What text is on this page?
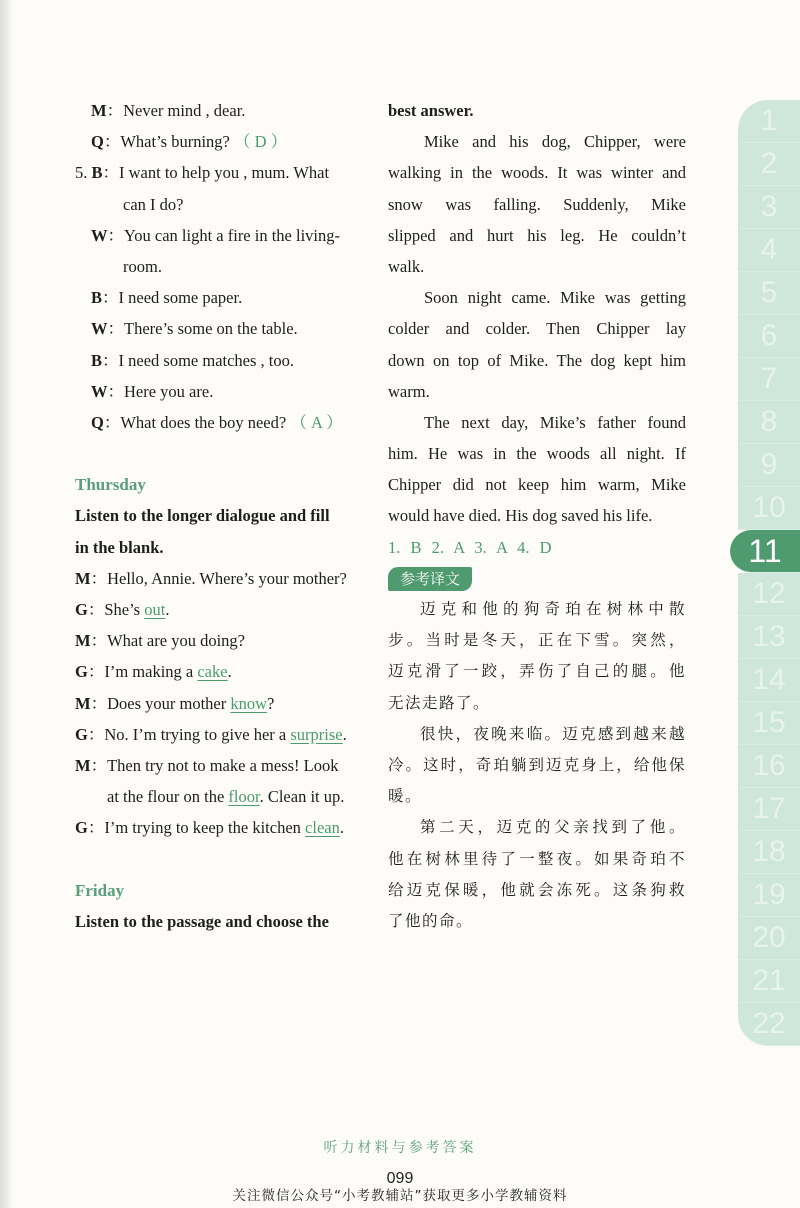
M：Never mind , dear.
Q：What’s burning? （ D ）
5. B：I want to help you , mum. What
can I do?
W：You can light a fire in the living-
room.
B：I need some paper.
W：There’s some on the table.
B：I need some matches , too.
W：Here you are.
Q：What does the boy need? （ A ）
Thursday
Listen to the longer dialogue and fill
in the blank.
M：Hello, Annie. Where’s your mother?
G：She’s out.
M：What are you doing?
G：I’m making a cake.
M：Does your mother know?
G：No. I’m trying to give her a surprise.
M：Then try not to make a mess! Look
at the flour on the floor. Clean it up.
G：I’m trying to keep the kitchen clean.
Friday
Listen to the passage and choose the
best answer.
Mike and his dog, Chipper, were
walking in the woods. It was winter and
snow was falling. Suddenly, Mike
slipped and hurt his leg. He couldn’t
walk.
Soon night came. Mike was getting
colder and colder. Then Chipper lay
down on top of Mike. The dog kept him
warm.
The next day, Mike’s father found
him. He was in the woods all night. If
Chipper did not keep him warm, Mike
would have died. His dog saved his life.
1. B 2. A 3. A 4. D
参考译文
迈克和他的狗奇珀在树林中散
步。当时是冬天，正在下雪。突然，
迈克滑了一跤，弄伤了自己的腿。他
无法走路了。
很快，夜晚来临。迈克感到越来越
冷。这时，奇珀躺到迈克身上，给他保
暖。
第二天，迈克的父亲找到了他。
他在树林里待了一整夜。如果奇珀不
给迈克保暖，他就会冻死。这条狗救
了他的命。
1
2
3
4
5
6
7
8
9
10
11
12
13
14
15
16
17
18
19
20
21
22
听力材料与参考答案
099
关注微信公众号“小考教辅站”获取更多小学教辅资料
